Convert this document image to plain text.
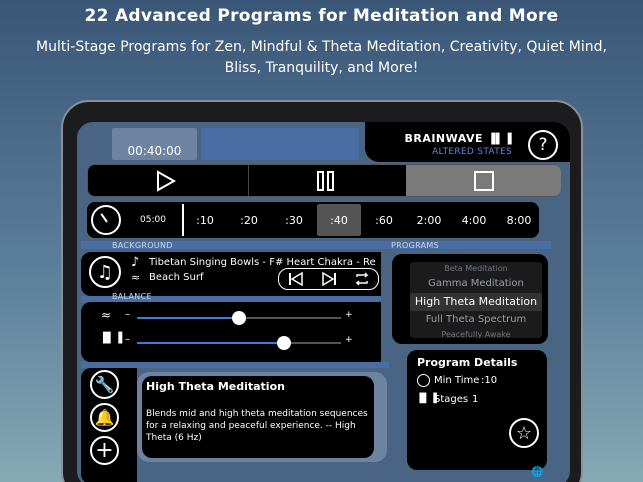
22 Advanced Programs for Meditation and More
Multi-Stage Programs for Zen, Mindful & Theta Meditation, Creativity, Quiet Mind, Bliss, Tranquility, and More!
00:40:00
BRAINWAVE ▐▌▐
ALTERED STATES ?
05:00	:10	:20	:30	:40	:60	2:00	4:00	8:00
BACKGROUND	PROGRAMS
♫	♪ Tibetan Singing Bowls - F# Heart Chakra - Re
≈ Beach Surf
BALANCE
≈ –	+
▐▌▐ –	+
Beta Meditation
Gamma Meditation
High Theta Meditation
Full Theta Spectrum
Peacefully Awake
Program Details
Min Time :10
▐▌▐
Stages 1
☆
🔧
🔔
+
High Theta Meditation
Blends mid and high theta meditation sequences for a relaxing and peaceful experience. -- High Theta (6 Hz)
🌐
